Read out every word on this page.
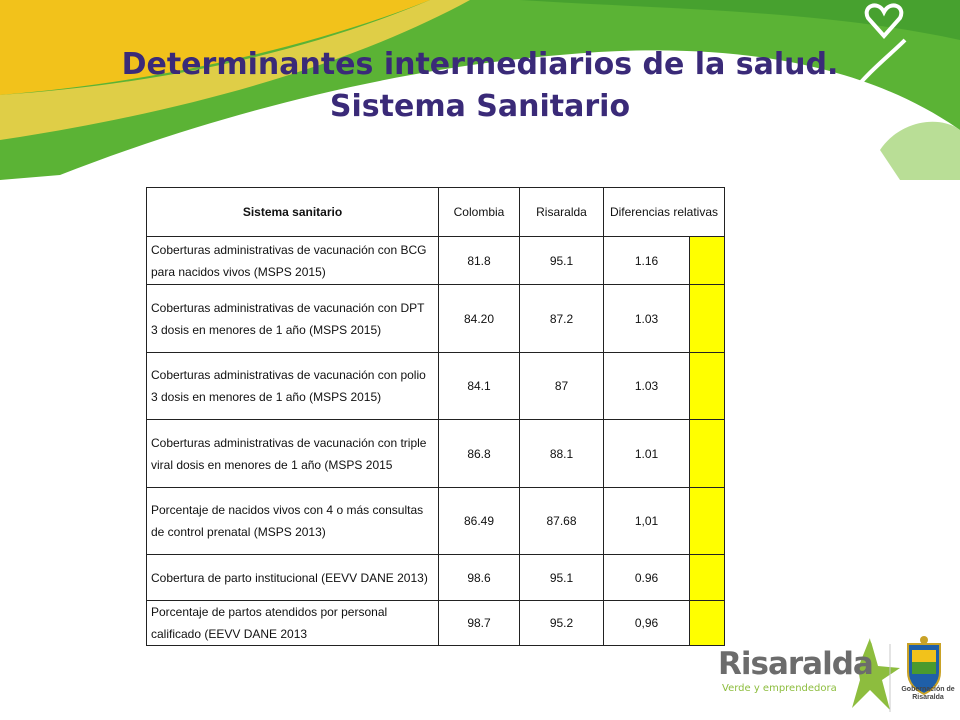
Determinantes intermediarios de la salud. Sistema Sanitario
Sistema sanitario	Colombia	Risaralda	Diferencias relativas	
Coberturas administrativas de vacunación con BCG para nacidos vivos (MSPS 2015)	81.8	95.1	1.16	
Coberturas administrativas de vacunación con DPT 3 dosis en menores de 1 año (MSPS 2015)	84.20	87.2	1.03	
Coberturas administrativas de vacunación con polio 3 dosis en menores de 1 año (MSPS 2015)	84.1	87	1.03	
Coberturas administrativas de vacunación con triple viral dosis en menores de 1 año (MSPS 2015	86.8	88.1	1.01	
Porcentaje de nacidos vivos con 4 o más consultas de control prenatal (MSPS 2013)	86.49	87.68	1,01	
Cobertura de parto institucional (EEVV DANE 2013)	98.6	95.1	0.96	
Porcentaje de partos atendidos por personal calificado (EEVV DANE 2013	98.7	95.2	0,96	
Risaralda
Verde y emprendedora	Gobernación de Risaralda
